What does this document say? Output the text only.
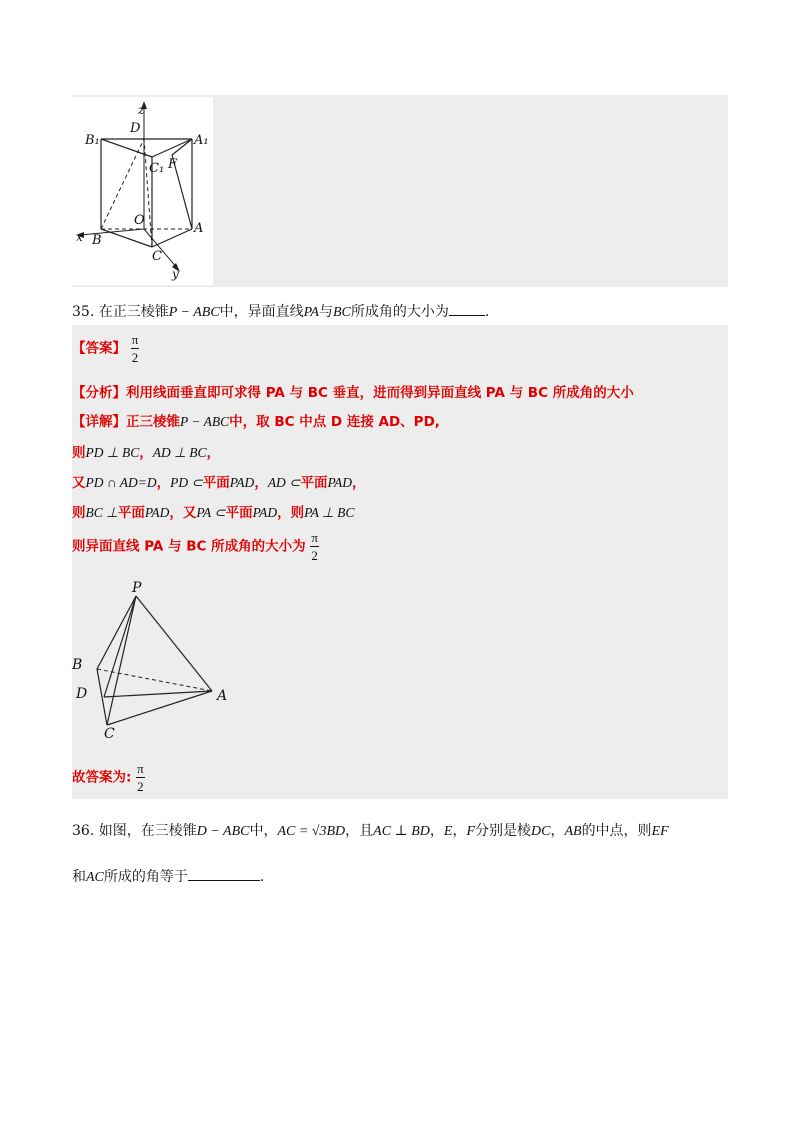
z
D
A₁
B₁
C₁ F
O
x B
A
C
y
35. 在正三棱锥P − ABC中，异面直线PA与BC所成角的大小为	.
【答案】 $\frac{\pi}{2}$
【分析】利用线面垂直即可求得 PA 与 BC 垂直，进而得到异面直线 PA 与 BC 所成角的大小
【详解】正三棱锥P − ABC中，取 BC 中点 D 连接 AD、PD,
则PD ⊥ BC，AD ⊥ BC，
又PD ∩ AD=D，PD ⊂平面PAD，AD ⊂平面PAD，
则BC ⊥平面PAD，又PA ⊂平面PAD，则PA ⊥ BC
则异面直线 PA 与 BC 所成角的大小为 $\frac{\pi}{2}$
P
B
D	A
C
故答案为: $\frac{\pi}{2}$
36. 如图，在三棱锥D − ABC中，AC = √3BD，且AC ⊥ BD，E，F分别是棱DC，AB的中点，则EF
和AC所成的角等于	.
